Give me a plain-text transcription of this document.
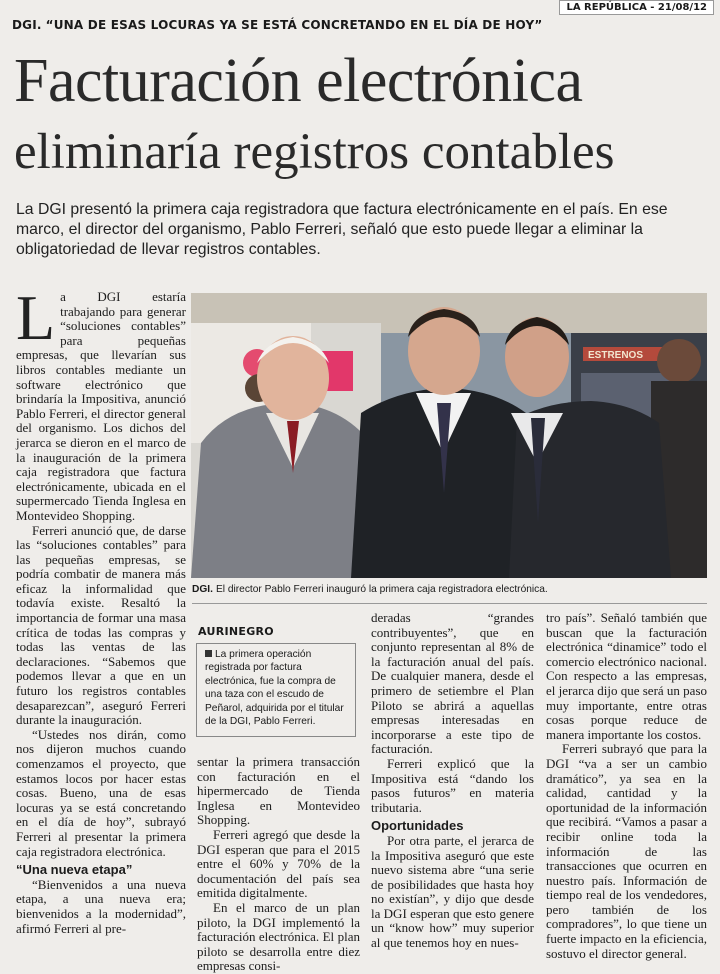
DGI. “UNA DE ESAS LOCURAS YA SE ESTÁ CONCRETANDO EN EL DÍA DE HOY”
LA REPÚBLICA - 21/08/12
Facturación electrónica
eliminaría registros contables
La DGI presentó la primera caja registradora que factura electrónicamente en el país. En ese marco, el director del organismo, Pablo Ferreri, señaló que esto puede llegar a eliminar la obligatoriedad de llevar registros contables.

La DGI estaría trabajando para generar “soluciones contables” para pequeñas empresas, que llevarían sus libros contables mediante un software electrónico que brindaría la Impositiva, anunció Pablo Ferreri, el director general del organismo. Los dichos del jerarca se dieron en el marco de la inauguración de la primera caja registradora que factura electrónicamente, ubicada en el supermercado Tienda Inglesa en Montevideo Shopping.

Ferreri anunció que, de darse las “soluciones contables” para las pequeñas empresas, se podría combatir de manera más eficaz la informalidad que todavía existe. Resaltó la importancia de formar una masa crítica de todas las compras y todas las ventas de las declaraciones. “Sabemos que podemos llevar a que en un futuro los registros contables desaparezcan”, aseguró Ferreri durante la inauguración.

“Ustedes nos dirán, como nos dijeron muchos cuando comenzamos el proyecto, que estamos locos por hacer estas cosas. Bueno, una de esas locuras ya se está concretando en el día de hoy”, subrayó Ferreri al presentar la primera caja registradora electrónica.

“Una nueva etapa”

“Bienvenidos a una nueva etapa, a una nueva era; bienvenidos a la modernidad”, afirmó Ferreri al pre-

ESTRENOS
DGI. El director Pablo Ferreri inauguró la primera caja registradora electrónica.
AURINEGRO
La primera operación registrada por factura electrónica, fue la compra de una taza con el escudo de Peñarol, adquirida por el titular de la DGI, Pablo Ferreri.

sentar la primera transacción con facturación en el hipermercado de Tienda Inglesa en Montevideo Shopping.

Ferreri agregó que desde la DGI esperan que para el 2015 entre el 60% y 70% de la documentación del país sea emitida digitalmente.

En el marco de un plan piloto, la DGI implementó la facturación electrónica. El plan piloto se desarrolla entre diez empresas consi-

deradas “grandes contribuyentes”, que en conjunto representan al 8% de la facturación anual del país. De cualquier manera, desde el primero de setiembre el Plan Piloto se abrirá a aquellas empresas interesadas en incorporarse a este tipo de facturación.

Ferreri explicó que la Impositiva está “dando los pasos futuros” en materia tributaria.

Oportunidades

Por otra parte, el jerarca de la Impositiva aseguró que este nuevo sistema abre “una serie de posibilidades que hasta hoy no existían”, y dijo que desde la DGI esperan que esto genere un “know how” muy superior al que tenemos hoy en nues-

tro país”. Señaló también que buscan que la facturación electrónica “dinamice” todo el comercio electrónico nacional. Con respecto a las empresas, el jerarca dijo que será un paso muy importante, entre otras cosas porque reduce de manera importante los costos.

Ferreri subrayó que para la DGI “va a ser un cambio dramático”, ya sea en la calidad, cantidad y la oportunidad de la información que recibirá. “Vamos a pasar a recibir online toda la información de las transacciones que ocurren en nuestro país. Información de tiempo real de los vendedores, pero también de los compradores”, lo que tiene un fuerte impacto en la eficiencia, sostuvo el director general.
